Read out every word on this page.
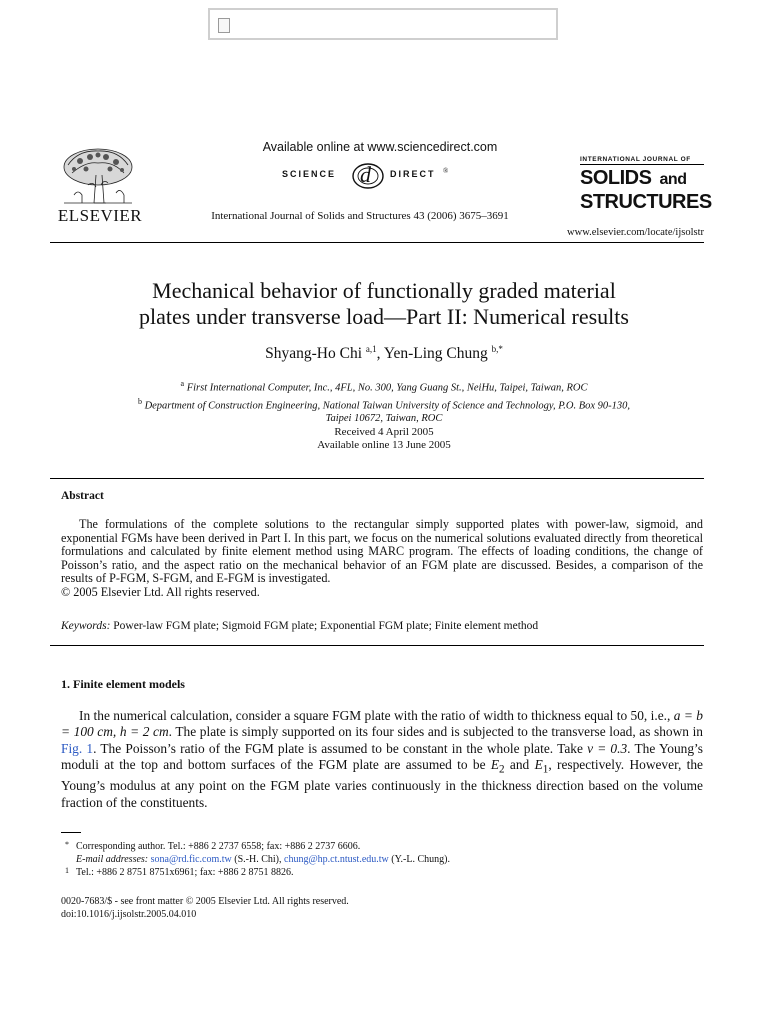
ELSEVIER
Available online at www.sciencedirect.com
SCIENCE d DIRECT ®
International Journal of Solids and Structures 43 (2006) 3675–3691
INTERNATIONAL JOURNAL OF
SOLIDS and
STRUCTURES
www.elsevier.com/locate/ijsolstr
Mechanical behavior of functionally graded material
plates under transverse load—Part II: Numerical results
Shyang-Ho Chi $^{a,1}$, Yen-Ling Chung $^{b,*}$
$^a$ First International Computer, Inc., 4FL, No. 300, Yang Guang St., NeiHu, Taipei, Taiwan, ROC
$^b$ Department of Construction Engineering, National Taiwan University of Science and Technology, P.O. Box 90-130,
Taipei 10672, Taiwan, ROC
Received 4 April 2005
Available online 13 June 2005
Abstract
The formulations of the complete solutions to the rectangular simply supported plates with power-law, sigmoid, and exponential FGMs have been derived in Part I. In this part, we focus on the numerical solutions evaluated directly from theoretical formulations and calculated by finite element method using MARC program. The effects of loading conditions, the change of Poisson’s ratio, and the aspect ratio on the mechanical behavior of an FGM plate are discussed. Besides, a comparison of the results of P-FGM, S-FGM, and E-FGM is investigated.
© 2005 Elsevier Ltd. All rights reserved.
Keywords: Power-law FGM plate; Sigmoid FGM plate; Exponential FGM plate; Finite element method
1. Finite element models
In the numerical calculation, consider a square FGM plate with the ratio of width to thickness equal to 50, i.e., a = b = 100 cm, h = 2 cm. The plate is simply supported on its four sides and is subjected to the transverse load, as shown in Fig. 1. The Poisson’s ratio of the FGM plate is assumed to be constant in the whole plate. Take v = 0.3. The Young’s moduli at the top and bottom surfaces of the FGM plate are assumed to be $E_2$ and $E_1$, respectively. However, the Young’s modulus at any point on the FGM plate varies continuously in the thickness direction based on the volume fraction of the constituents.
* Corresponding author. Tel.: +886 2 2737 6558; fax: +886 2 2737 6606.
E-mail addresses: sona@rd.fic.com.tw (S.-H. Chi), chung@hp.ct.ntust.edu.tw (Y.-L. Chung).
1 Tel.: +886 2 8751 8751x6961; fax: +886 2 8751 8826.
0020-7683/$ - see front matter © 2005 Elsevier Ltd. All rights reserved.
doi:10.1016/j.ijsolstr.2005.04.010
